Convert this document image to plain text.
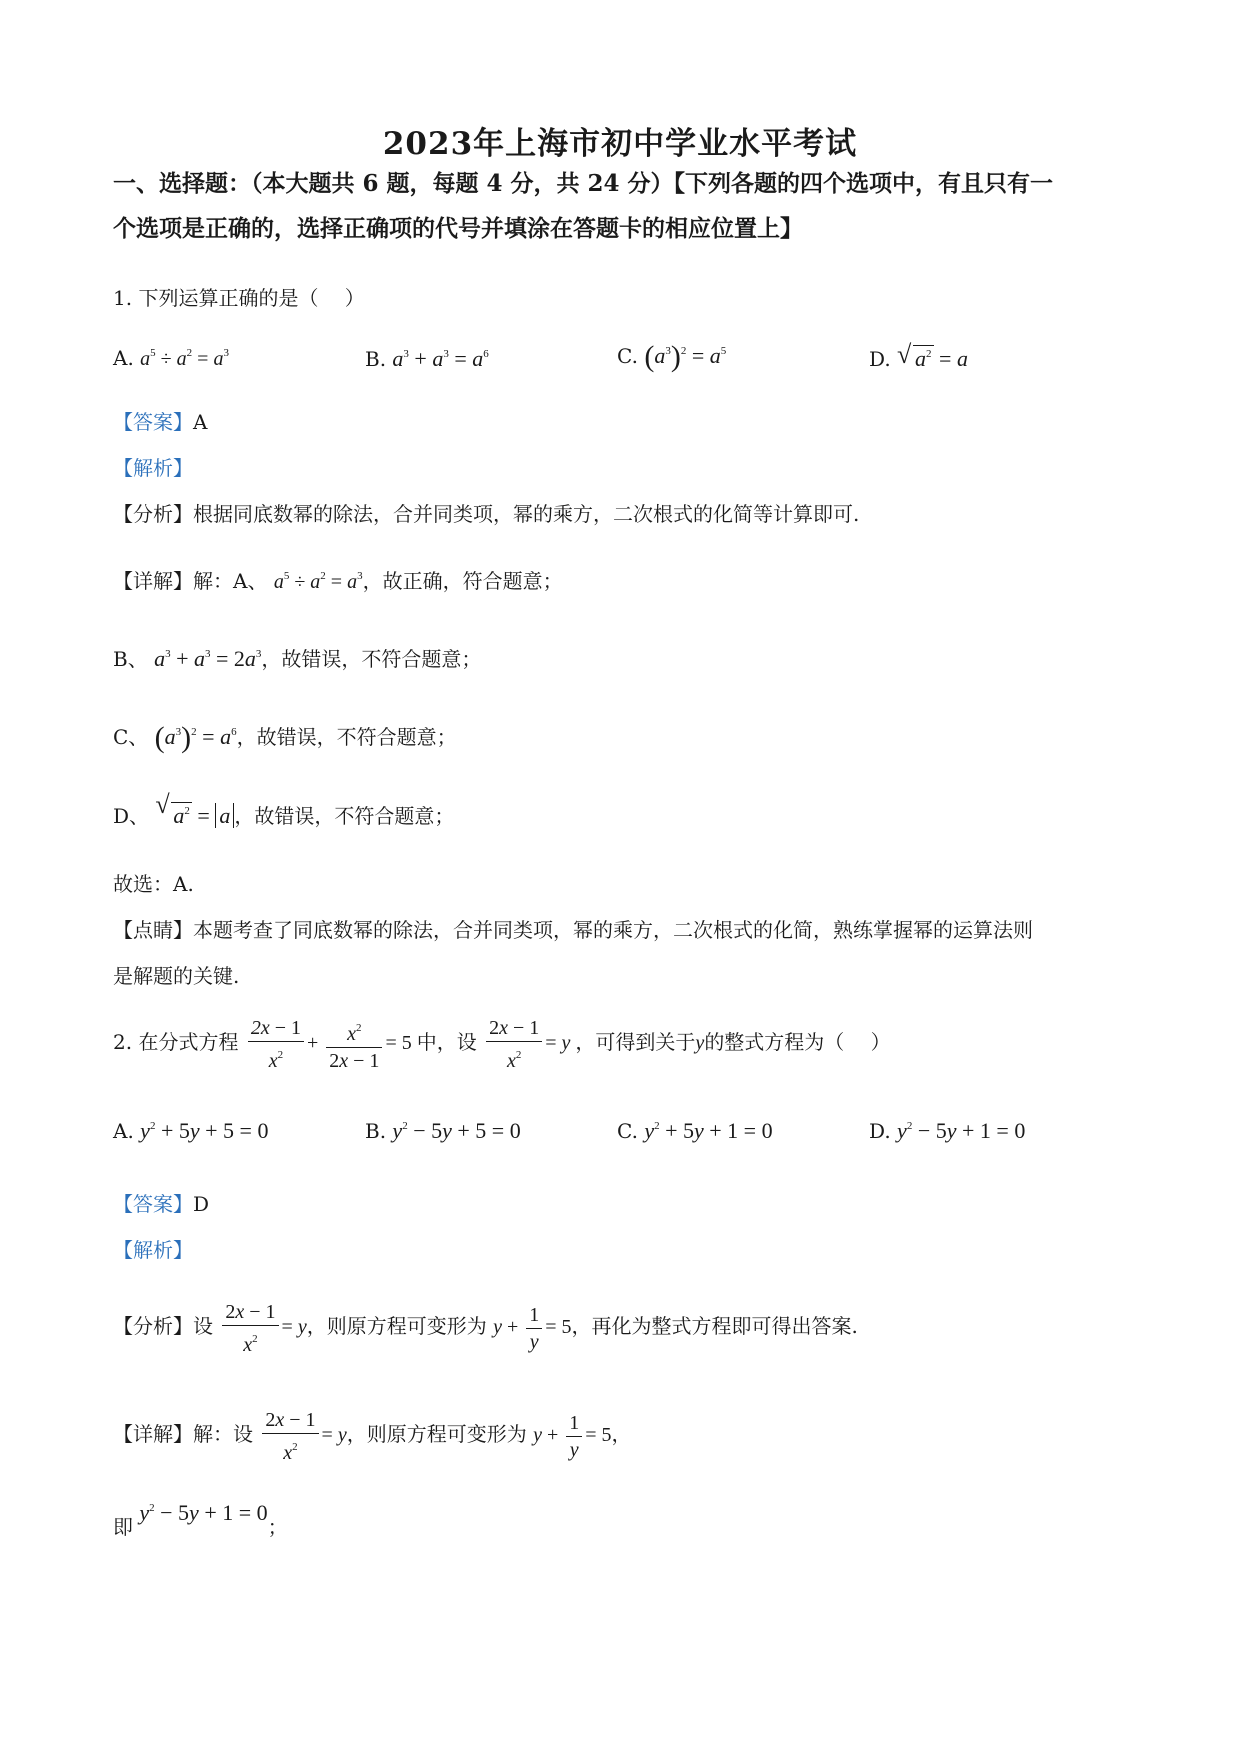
2023年上海市初中学业水平考试
一、选择题：（本大题共 6 题，每题 4 分，共 24 分）【下列各题的四个选项中，有且只有一
个选项是正确的，选择正确项的代号并填涂在答题卡的相应位置上】
1. 下列运算正确的是（　 ）
A. $a^5 \div a^2 = a^3$	B. $a^3 + a^3 = a^6$	C. $(a^3)^2 = a^5$	D. √ $a^2 = a$
【答案】A
【解析】
【分析】根据同底数幂的除法，合并同类项，幂的乘方，二次根式的化简等计算即可.
【详解】解：A、 $a^5 \div a^2 = a^3$，故正确，符合题意；
B、 $a^3 + a^3 = 2a^3$，故错误，不符合题意；
C、 $(a^3)^2 = a^6$，故错误，不符合题意；
D、 √ $a^2 = a$ ，故错误，不符合题意；
故选：A.
【点睛】本题考查了同底数幂的除法，合并同类项，幂的乘方，二次根式的化简，熟练掌握幂的运算法则
是解题的关键.
2. 在分式方程 $\frac{2x - 1}{x^2} + \frac{x^2}{2x - 1} = 5$ 中，设 $\frac{2x - 1}{x^2} = y$ ，可得到关于y的整式方程为（　 ）
A. $y^2 + 5y + 5 = 0$	B. $y^2 - 5y + 5 = 0$	C. $y^2 + 5y + 1 = 0$	D. $y^2 - 5y + 1 = 0$
【答案】D
【解析】
【分析】设 $\frac{2x - 1}{x^2} = y$，则原方程可变形为 $y + \frac{1}{y} = 5$，再化为整式方程即可得出答案.
【详解】解：设 $\frac{2x - 1}{x^2} = y$，则原方程可变形为 $y + \frac{1}{y} = 5$，
即 $y^2 - 5y + 1 = 0$；
